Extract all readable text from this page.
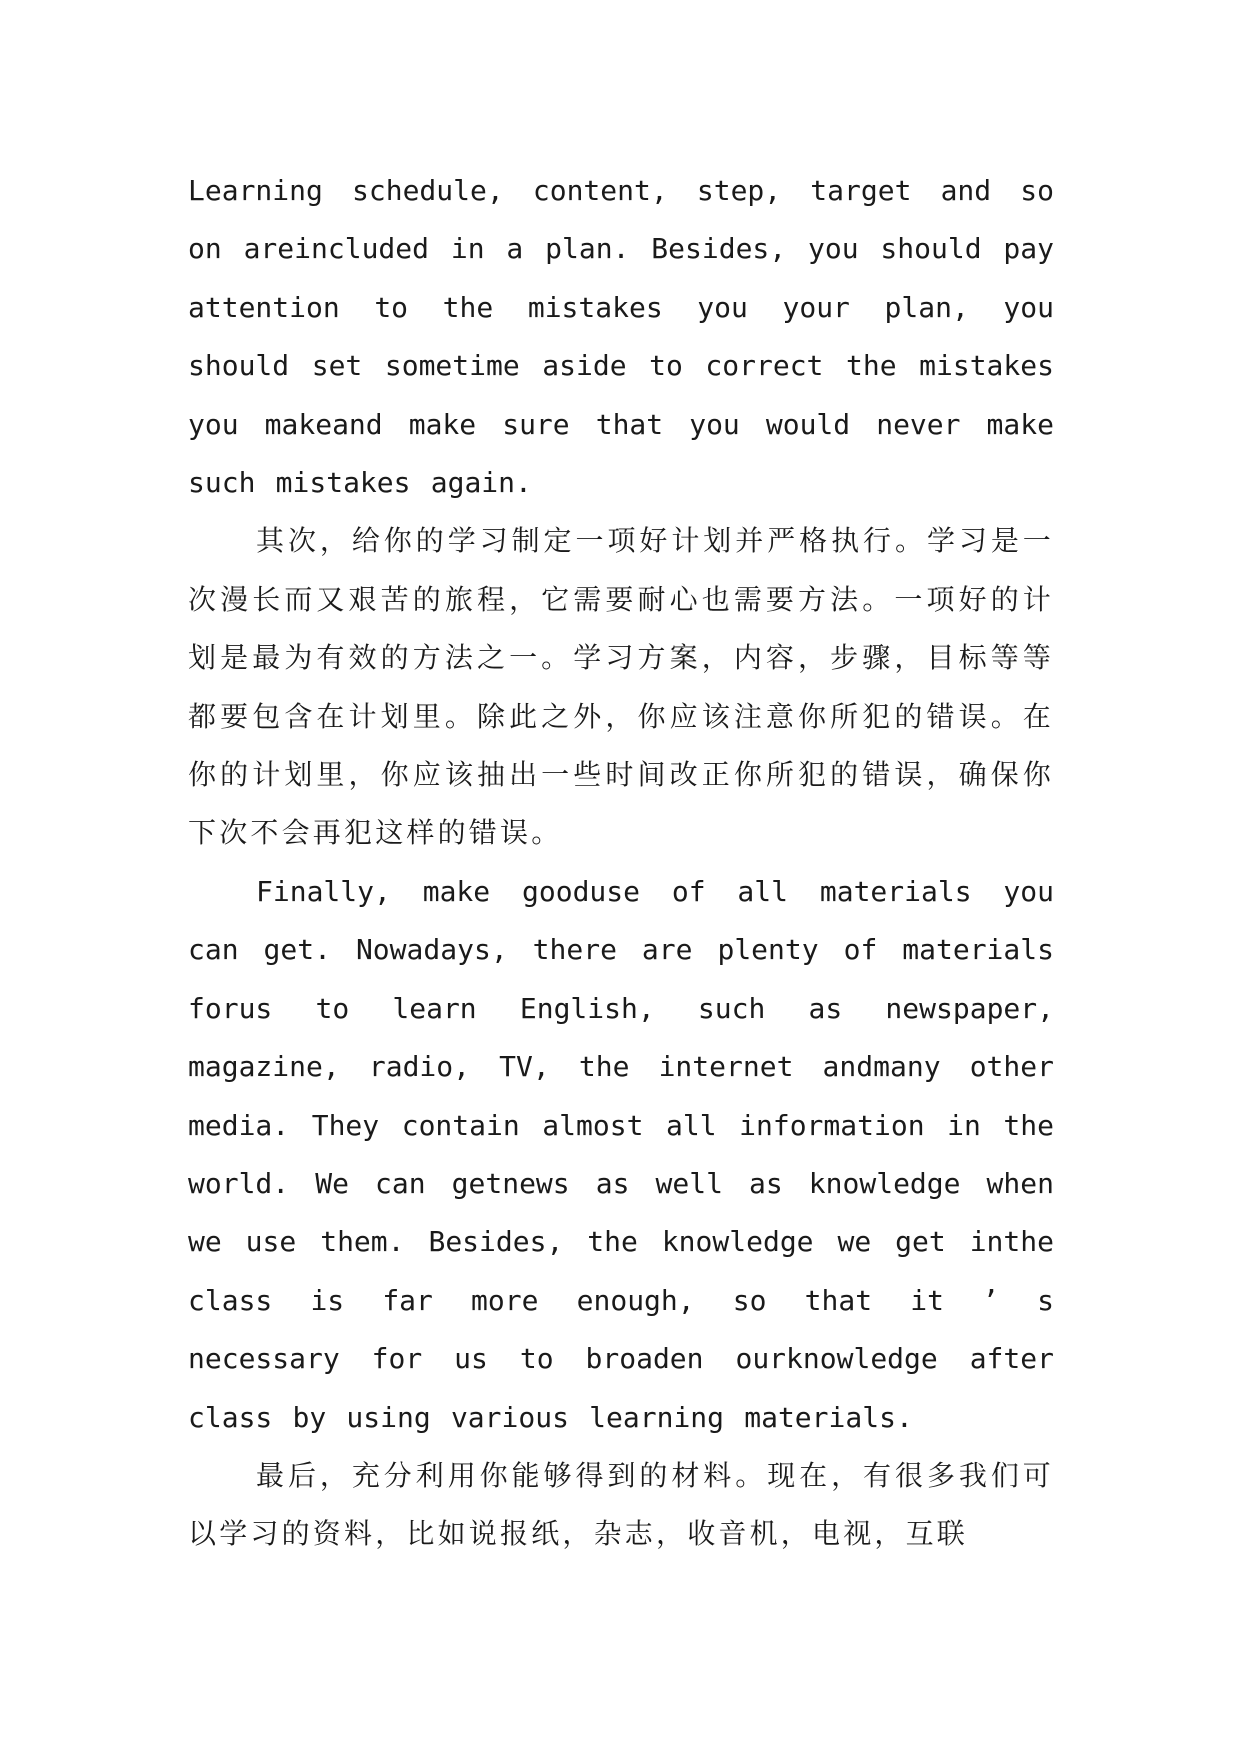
Learning schedule, content, step, target and so on areincluded in a plan. Besides, you should pay attention to the mistakes you your plan, you should set sometime aside to correct the mistakes you makeand make sure that you would never make such mistakes again.

其次，给你的学习制定一项好计划并严格执行。学习是一次漫长而又艰苦的旅程，它需要耐心也需要方法。一项好的计划是最为有效的方法之一。学习方案，内容，步骤，目标等等都要包含在计划里。除此之外，你应该注意你所犯的错误。在你的计划里，你应该抽出一些时间改正你所犯的错误，确保你下次不会再犯这样的错误。

Finally, make gooduse of all materials you can get. Nowadays, there are plenty of materials forus to learn English, such as newspaper, magazine, radio, TV, the internet andmany other media. They contain almost all information in the world. We can getnews as well as knowledge when we use them. Besides, the knowledge we get inthe class is far more enough, so that it ’ s necessary for us to broaden ourknowledge after class by using various learning materials.

最后，充分利用你能够得到的材料。现在，有很多我们可以学习的资料，比如说报纸，杂志，收音机，电视，互联
